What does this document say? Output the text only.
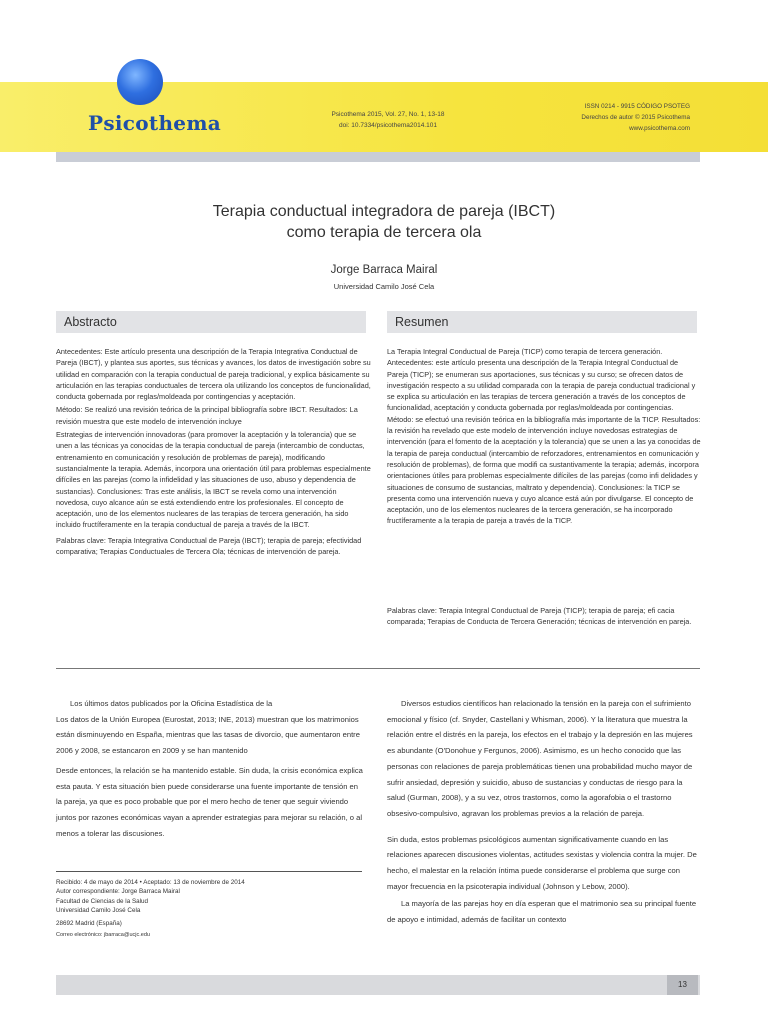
Psicothema	Psicothema 2015, Vol. 27, No. 1, 13-18
doi: 10.7334/psicothema2014.101
ISSN 0214 - 9915 CÓDIGO PSOTEG
Derechos de autor © 2015 Psicothema
www.psicothema.com
Terapia conductual integradora de pareja (IBCT)
como terapia de tercera ola
Jorge Barraca Mairal
Universidad Camilo José Cela
Abstracto

Antecedentes: Este artículo presenta una descripción de la Terapia Integrativa Conductual de Pareja (IBCT), y plantea sus aportes, sus técnicas y avances, los datos de investigación sobre su utilidad en comparación con la terapia conductual de pareja tradicional, y explica básicamente su articulación en las terapias conductuales de tercera ola utilizando los conceptos de funcionalidad, conducta gobernada por reglas/moldeada por contingencias y aceptación.

Método: Se realizó una revisión teórica de la principal bibliografía sobre IBCT. Resultados: La revisión muestra que este modelo de intervención incluye

Estrategias de intervención innovadoras (para promover la aceptación y la tolerancia) que se unen a las técnicas ya conocidas de la terapia conductual de pareja (intercambio de conductas, entrenamiento en comunicación y resolución de problemas de pareja), modificando sustancialmente la terapia. Además, incorpora una orientación útil para problemas especialmente difíciles en las parejas (como la infidelidad y las situaciones de uso, abuso y dependencia de sustancias). Conclusiones: Tras este análisis, la IBCT se revela como una intervención novedosa, cuyo alcance aún se está extendiendo entre los profesionales. El concepto de aceptación, uno de los elementos nucleares de las terapias de tercera generación, ha sido incluido fructíferamente en la terapia conductual de pareja a través de la IBCT.

Palabras clave: Terapia Integrativa Conductual de Pareja (IBCT); terapia de pareja; efectividad comparativa; Terapias Conductuales de Tercera Ola; técnicas de intervención de pareja.

Resumen

La Terapia Integral Conductual de Pareja (TICP) como terapia de tercera generación. Antecedentes: este artículo presenta una descripción de la Terapia Integral Conductual de Pareja (TICP); se enumeran sus aportaciones, sus técnicas y su curso; se ofrecen datos de investigación respecto a su utilidad comparada con la terapia de pareja conductual tradicional y se explica su articulación en las terapias de tercera generación a través de los conceptos de funcionalidad, aceptación y conducta gobernada por reglas/moldeada por contingencias. Método: se efectuó una revisión teórica en la bibliografía más importante de la TICP. Resultados: la revisión ha revelado que este modelo de intervención incluye novedosas estrategias de intervención (para el fomento de la aceptación y la tolerancia) que se unen a las ya conocidas de la terapia de pareja conductual (intercambio de reforzadores, entrenamientos en comunicación y resolución de problemas), de forma que modifi ca sustantivamente la terapia; además, incorpora orientaciones útiles para problemas especialmente difíciles de las parejas (como infi delidades y situaciones de consumo de sustancias, maltrato y dependencia). Conclusiones: la TICP se presenta como una intervención nueva y cuyo alcance está aún por divulgarse. El concepto de aceptación, uno de los elementos nucleares de la tercera generación, se ha incorporado fructíferamente a la terapia de pareja a través de la TICP.

Palabras clave: Terapia Integral Conductual de Pareja (TICP); terapia de pareja; efi cacia comparada; Terapias de Conducta de Tercera Generación; técnicas de intervención en pareja.

Los últimos datos publicados por la Oficina Estadística de la

Los datos de la Unión Europea (Eurostat, 2013; INE, 2013) muestran que los matrimonios están disminuyendo en España, mientras que las tasas de divorcio, que aumentaron entre 2006 y 2008, se estancaron en 2009 y se han mantenido

Desde entonces, la relación se ha mantenido estable. Sin duda, la crisis económica explica esta pauta. Y esta situación bien puede considerarse una fuente importante de tensión en la pareja, ya que es poco probable que por el mero hecho de tener que seguir viviendo juntos por razones económicas vayan a aprender estrategias para mejorar su relación, o al menos a tolerar las discusiones.

Recibido: 4 de mayo de 2014 • Aceptado: 13 de noviembre de 2014
Autor correspondiente: Jorge Barraca Mairal
Facultad de Ciencias de la Salud
Universidad Camilo José Cela
28692 Madrid (España)
Correo electrónico: jbarraca@ucjc.edu

Diversos estudios científicos han relacionado la tensión en la pareja con el sufrimiento emocional y físico (cf. Snyder, Castellani y Whisman, 2006). Y la literatura que muestra la relación entre el distrés en la pareja, los efectos en el trabajo y la depresión en las mujeres es abundante (O'Donohue y Fergunos, 2006). Asimismo, es un hecho conocido que las personas con relaciones de pareja problemáticas tienen una probabilidad mucho mayor de sufrir ansiedad, depresión y suicidio, abuso de sustancias y conductas de riesgo para la salud (Gurman, 2008), y a su vez, otros trastornos, como la agorafobia o el trastorno obsesivo-compulsivo, agravan los problemas previos a la relación de pareja.

Sin duda, estos problemas psicológicos aumentan significativamente cuando en las relaciones aparecen discusiones violentas, actitudes sexistas y violencia contra la mujer. De hecho, el malestar en la relación íntima puede considerarse el problema que surge con mayor frecuencia en la psicoterapia individual (Johnson y Lebow, 2000).

La mayoría de las parejas hoy en día esperan que el matrimonio sea su principal fuente de apoyo e intimidad, además de facilitar un contexto

13
